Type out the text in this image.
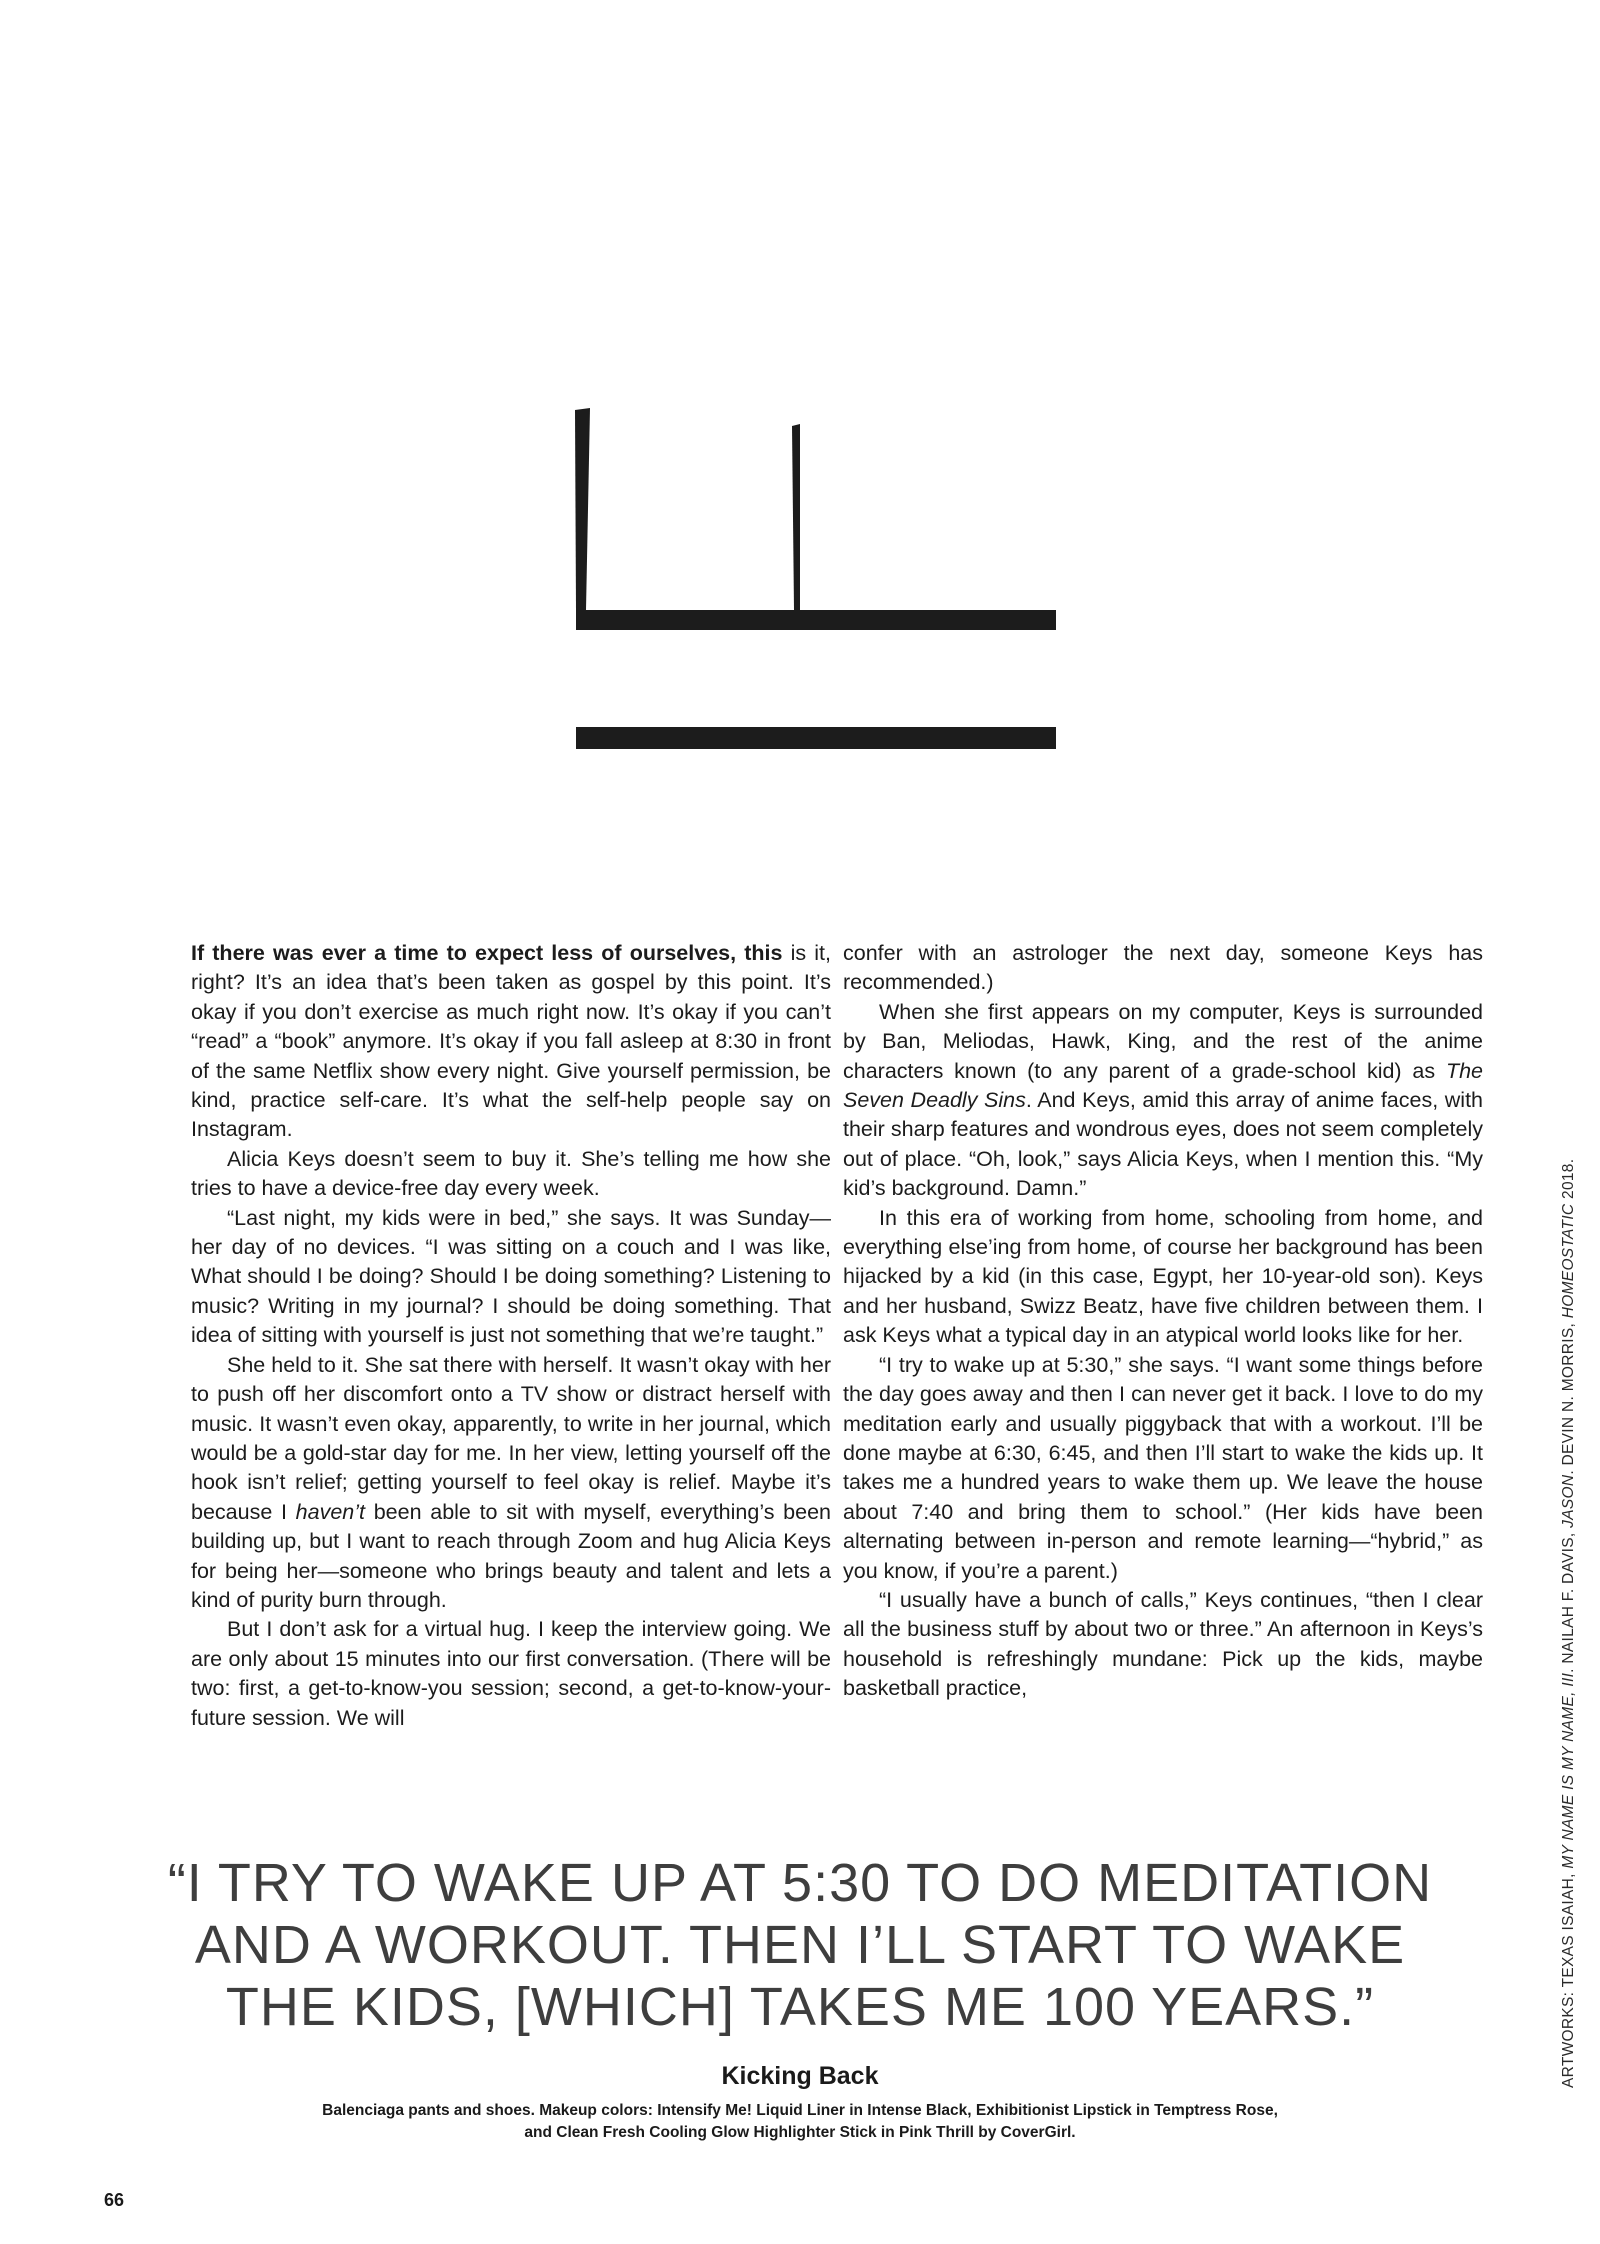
If there was ever a time to expect less of ourselves, this is it, right? It’s an idea that’s been taken as gospel by this point. It’s okay if you don’t exercise as much right now. It’s okay if you can’t “read” a “book” anymore. It’s okay if you fall asleep at 8:30 in front of the same Netflix show every night. Give yourself permission, be kind, practice self-care. It’s what the self-help people say on Instagram.

Alicia Keys doesn’t seem to buy it. She’s telling me how she tries to have a device-free day every week.

“Last night, my kids were in bed,” she says. It was Sunday—her day of no devices. “I was sitting on a couch and I was like, What should I be doing? Should I be doing something? Listening to music? Writing in my journal? I should be doing something. That idea of sitting with yourself is just not something that we’re taught.”

She held to it. She sat there with herself. It wasn’t okay with her to push off her discomfort onto a TV show or distract herself with music. It wasn’t even okay, apparently, to write in her journal, which would be a gold-star day for me. In her view, letting yourself off the hook isn’t relief; getting yourself to feel okay is relief. Maybe it’s because I haven’t been able to sit with myself, everything’s been building up, but I want to reach through Zoom and hug Alicia Keys for being her—someone who brings beauty and talent and lets a kind of purity burn through.

But I don’t ask for a virtual hug. I keep the interview going. We are only about 15 minutes into our first conversation. (There will be two: first, a get-to-know-you session; second, a get-to-know-your-future session. We will

confer with an astrologer the next day, someone Keys has recommended.)

When she first appears on my computer, Keys is surrounded by Ban, Meliodas, Hawk, King, and the rest of the anime characters known (to any parent of a grade-school kid) as The Seven Deadly Sins. And Keys, amid this array of anime faces, with their sharp features and wondrous eyes, does not seem completely out of place. “Oh, look,” says Alicia Keys, when I mention this. “My kid’s background. Damn.”

In this era of working from home, schooling from home, and everything else’ing from home, of course her background has been hijacked by a kid (in this case, Egypt, her 10-year-old son). Keys and her husband, Swizz Beatz, have five children between them. I ask Keys what a typical day in an atypical world looks like for her.

“I try to wake up at 5:30,” she says. “I want some things before the day goes away and then I can never get it back. I love to do my meditation early and usually piggyback that with a workout. I’ll be done maybe at 6:30, 6:45, and then I’ll start to wake the kids up. It takes me a hundred years to wake them up. We leave the house about 7:40 and bring them to school.” (Her kids have been alternating between in-person and remote learning—“hybrid,” as you know, if you’re a parent.)

“I usually have a bunch of calls,” Keys continues, “then I clear all the business stuff by about two or three.” An afternoon in Keys’s household is refreshingly mundane: Pick up the kids, maybe basketball practice,

“I TRY TO WAKE UP AT 5:30 TO DO MEDITATION
AND A WORKOUT. THEN I’LL START TO WAKE
THE KIDS, [WHICH] TAKES ME 100 YEARS.”
Kicking Back
Balenciaga pants and shoes. Makeup colors: Intensify Me! Liquid Liner in Intense Black, Exhibitionist Lipstick in Temptress Rose,
and Clean Fresh Cooling Glow Highlighter Stick in Pink Thrill by CoverGirl.
ARTWORKS: TEXAS ISAIAH, MY NAME IS MY NAME, III. NAILAH F. DAVIS, JASON. DEVIN N. MORRIS, HOMEOSTATIC 2018.
66
